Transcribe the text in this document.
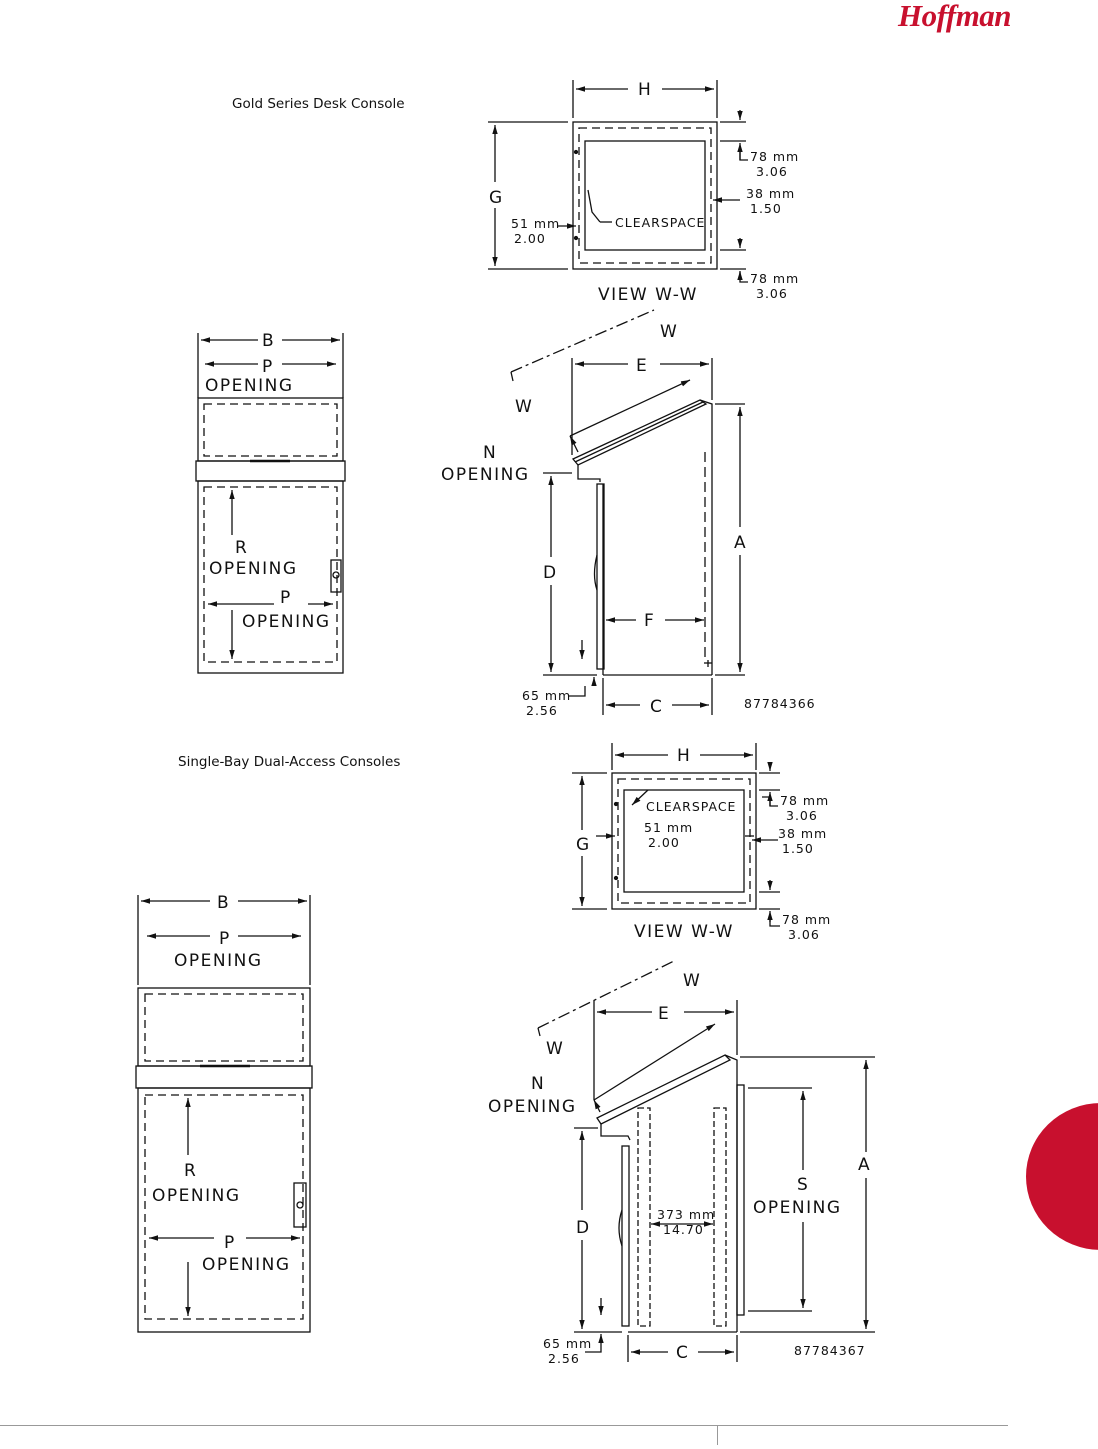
Hoffman
Gold Series Desk Console
Single-Bay Dual-Access Consoles
H
G
78 mm
3.06
38 mm
1.50
51 mm
2.00
CLEARSPACE
78 mm
3.06
VIEW W-W
B
P
OPENING
R
OPENING
P
OPENING
W
W
E
N
OPENING
A
D
F
65 mm
2.56	C	87784366
H
G
CLEARSPACE	78 mm
3.06
51 mm
2.00
38 mm
1.50
VIEW W-W
78 mm
3.06
B
P
OPENING
R
OPENING
P
OPENING
W
W
E
N
OPENING
A
S
OPENING
D
373 mm
14.70
65 mm
2.56	C	87784367
